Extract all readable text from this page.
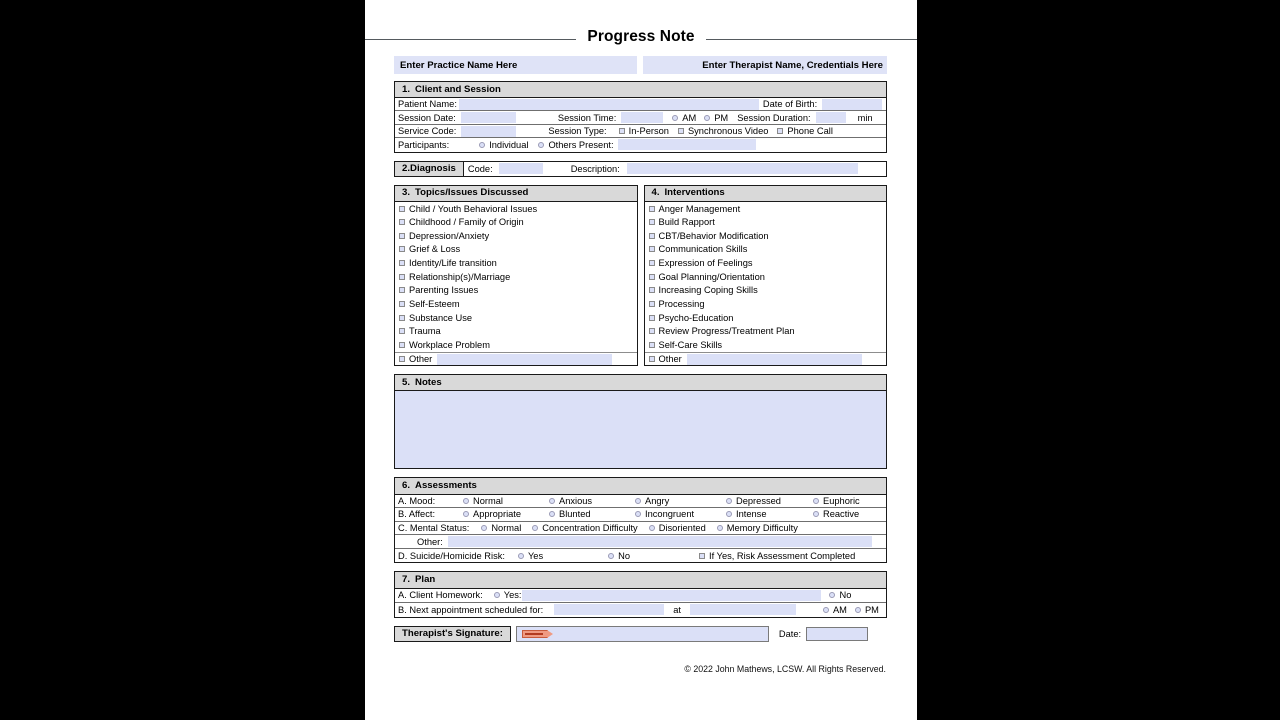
Progress Note
Enter Practice Name Here	Enter Therapist Name, Credentials Here
1. Client and Session
Patient Name:	Date of Birth:
Session Date:	Session Time:	AM PM Session Duration:	min
Service Code:	Session Type: In-Person Synchronous Video Phone Call
Participants:	Individual Others Present:
2. Diagnosis Code:	Description:
3. Topics/Issues Discussed
Child / Youth Behavioral Issues
Childhood / Family of Origin
Depression/Anxiety
Grief & Loss
Identity/Life transition
Relationship(s)/Marriage
Parenting Issues
Self-Esteem
Substance Use
Trauma
Workplace Problem
Other
4. Interventions
Anger Management
Build Rapport
CBT/Behavior Modification
Communication Skills
Expression of Feelings
Goal Planning/Orientation
Increasing Coping Skills
Processing
Psycho-Education
Review Progress/Treatment Plan
Self-Care Skills
Other
5. Notes
6. Assessments
A. Mood:	Normal	Anxious	Angry	Depressed	Euphoric
B. Affect:	Appropriate	Blunted	Incongruent	Intense	Reactive
C. Mental Status: Normal Concentration Difficulty Disoriented Memory Difficulty
Other:
D. Suicide/Homicide Risk: Yes	No	If Yes, Risk Assessment Completed
7. Plan
A. Client Homework: Yes:	No
B. Next appointment scheduled for:	at	AM PM
Therapist's Signature:	Date:
© 2022 John Mathews, LCSW. All Rights Reserved.
